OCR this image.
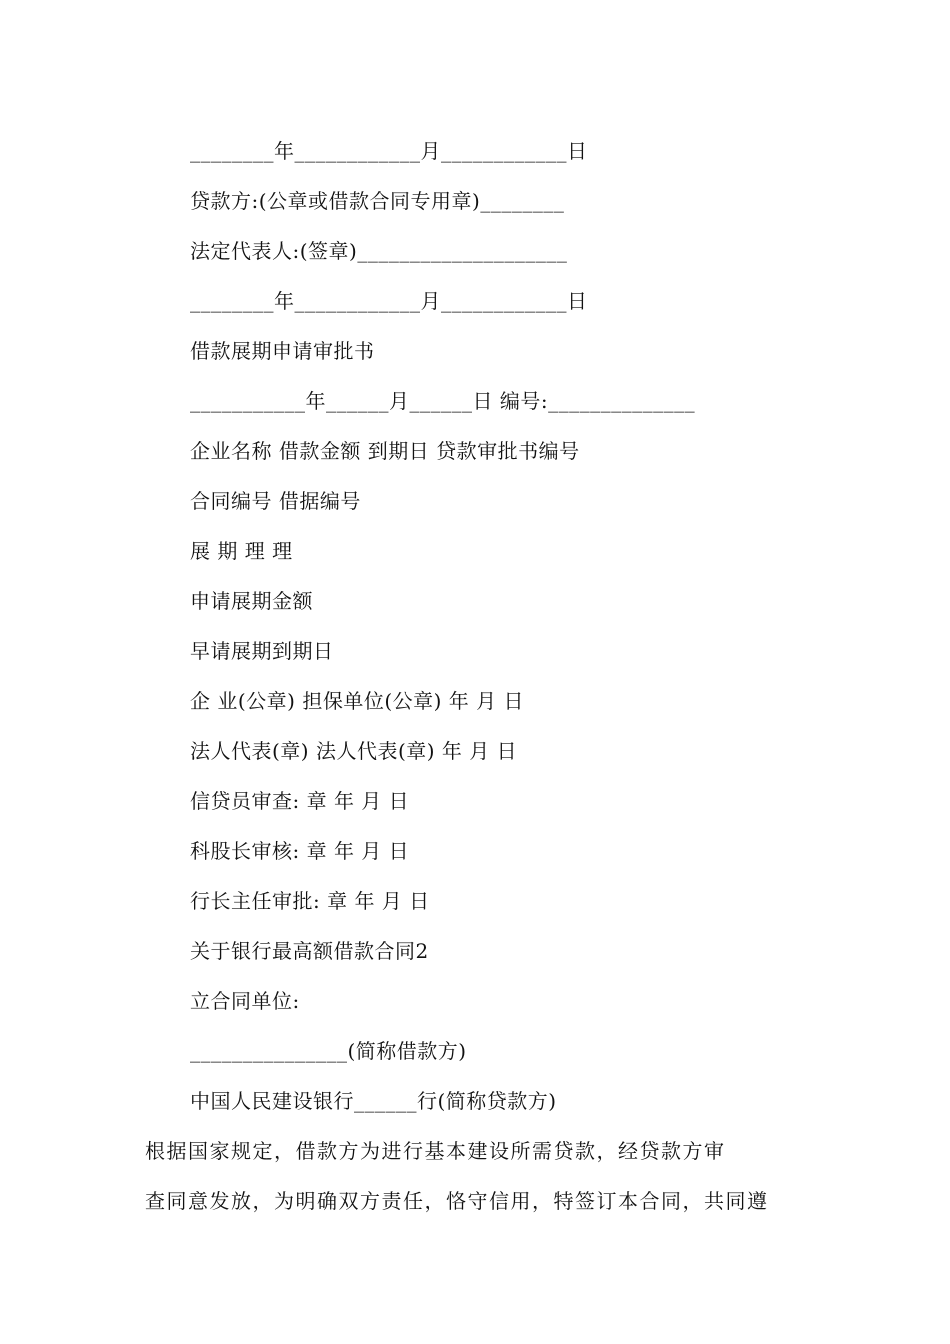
________年____________月____________日
贷款方:(公章或借款合同专用章)________
法定代表人:(签章)____________________
________年____________月____________日
借款展期申请审批书
___________年______月______日 编号:______________
企业名称 借款金额 到期日 贷款审批书编号
合同编号 借据编号
展 期 理 理
申请展期金额
早请展期到期日
企 业(公章) 担保单位(公章) 年 月 日
法人代表(章) 法人代表(章) 年 月 日
信贷员审查: 章 年 月 日
科股长审核: 章 年 月 日
行长主任审批: 章 年 月 日
关于银行最高额借款合同2
立合同单位:
_______________(简称借款方)
中国人民建设银行______行(简称贷款方)
根据国家规定，借款方为进行基本建设所需贷款，经贷款方审
查同意发放，为明确双方责任，恪守信用，特签订本合同，共同遵
